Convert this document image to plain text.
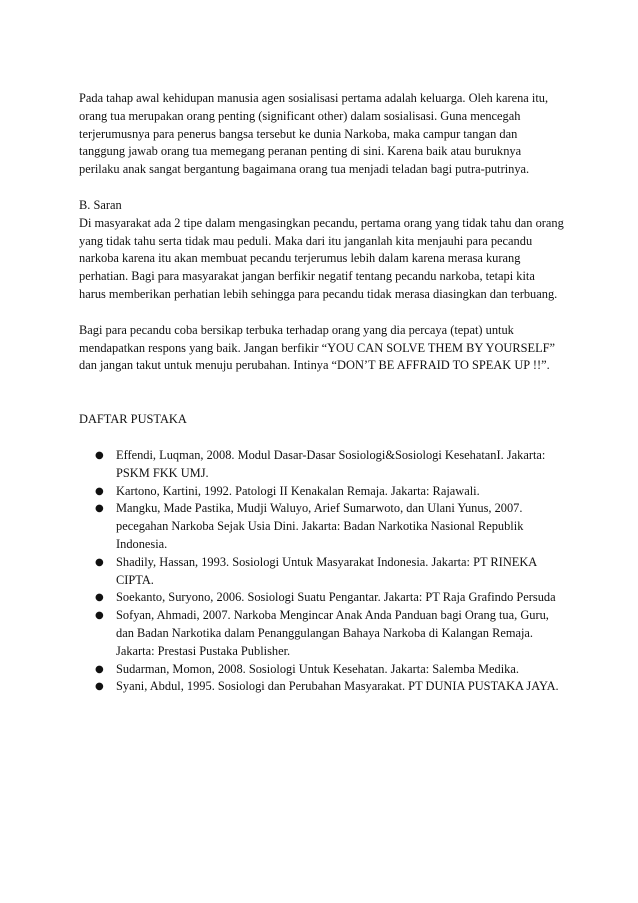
Pada tahap awal kehidupan manusia agen sosialisasi pertama adalah keluarga. Oleh karena itu, orang tua merupakan orang penting (significant other) dalam sosialisasi. Guna mencegah terjerumusnya para penerus bangsa tersebut ke dunia Narkoba, maka campur tangan dan tanggung jawab orang tua memegang peranan penting di sini. Karena baik atau buruknya perilaku anak sangat bergantung bagaimana orang tua menjadi teladan bagi putra-putrinya.

B. Saran

Di masyarakat ada 2 tipe dalam mengasingkan pecandu, pertama orang yang tidak tahu dan orang yang tidak tahu serta tidak mau peduli. Maka dari itu janganlah kita menjauhi para pecandu narkoba karena itu akan membuat pecandu terjerumus lebih dalam karena merasa kurang perhatian. Bagi para masyarakat jangan berfikir negatif tentang pecandu narkoba, tetapi kita harus memberikan perhatian lebih sehingga para pecandu tidak merasa diasingkan dan terbuang.

Bagi para pecandu coba bersikap terbuka terhadap orang yang dia percaya (tepat) untuk mendapatkan respons yang baik. Jangan berfikir “YOU CAN SOLVE THEM BY YOURSELF” dan jangan takut untuk menuju perubahan. Intinya “DON’T BE AFFRAID TO SPEAK UP !!”.

DAFTAR PUSTAKA

● Effendi, Luqman, 2008. Modul Dasar-Dasar Sosiologi&Sosiologi KesehatanI. Jakarta: PSKM FKK UMJ.
● Kartono, Kartini, 1992. Patologi II Kenakalan Remaja. Jakarta: Rajawali.
● Mangku, Made Pastika, Mudji Waluyo, Arief Sumarwoto, dan Ulani Yunus, 2007. pecegahan Narkoba Sejak Usia Dini. Jakarta: Badan Narkotika Nasional Republik Indonesia.
● Shadily, Hassan, 1993. Sosiologi Untuk Masyarakat Indonesia. Jakarta: PT RINEKA CIPTA.
● Soekanto, Suryono, 2006. Sosiologi Suatu Pengantar. Jakarta: PT Raja Grafindo Persuda
● Sofyan, Ahmadi, 2007. Narkoba Mengincar Anak Anda Panduan bagi Orang tua, Guru, dan Badan Narkotika dalam Penanggulangan Bahaya Narkoba di Kalangan Remaja. Jakarta: Prestasi Pustaka Publisher.
● Sudarman, Momon, 2008. Sosiologi Untuk Kesehatan. Jakarta: Salemba Medika.
● Syani, Abdul, 1995. Sosiologi dan Perubahan Masyarakat. PT DUNIA PUSTAKA JAYA.
